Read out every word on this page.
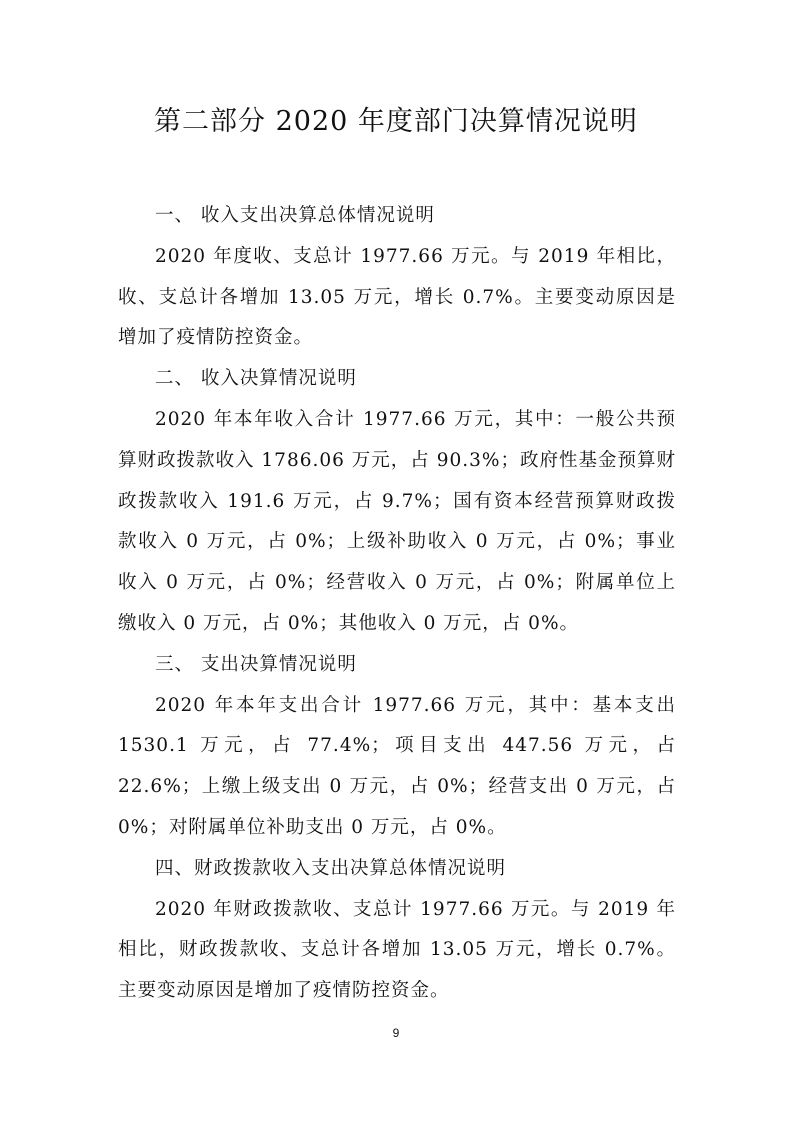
第二部分 2020 年度部门决算情况说明

一、 收入支出决算总体情况说明

2020 年度收、支总计 1977.66 万元。与 2019 年相比，收、支总计各增加 13.05 万元，增长 0.7%。主要变动原因是增加了疫情防控资金。

二、 收入决算情况说明

2020 年本年收入合计 1977.66 万元，其中：一般公共预算财政拨款收入 1786.06 万元，占 90.3%；政府性基金预算财政拨款收入 191.6 万元，占 9.7%；国有资本经营预算财政拨款收入 0 万元，占 0%；上级补助收入 0 万元，占 0%；事业收入 0 万元，占 0%；经营收入 0 万元，占 0%；附属单位上缴收入 0 万元，占 0%；其他收入 0 万元，占 0%。

三、 支出决算情况说明

2020 年本年支出合计 1977.66 万元，其中：基本支出 1530.1 万元，占 77.4%；项目支出 447.56 万元，占 22.6%；上缴上级支出 0 万元，占 0%；经营支出 0 万元，占 0%；对附属单位补助支出 0 万元，占 0%。

四、财政拨款收入支出决算总体情况说明

2020 年财政拨款收、支总计 1977.66 万元。与 2019 年相比，财政拨款收、支总计各增加 13.05 万元，增长 0.7%。主要变动原因是增加了疫情防控资金。

9
